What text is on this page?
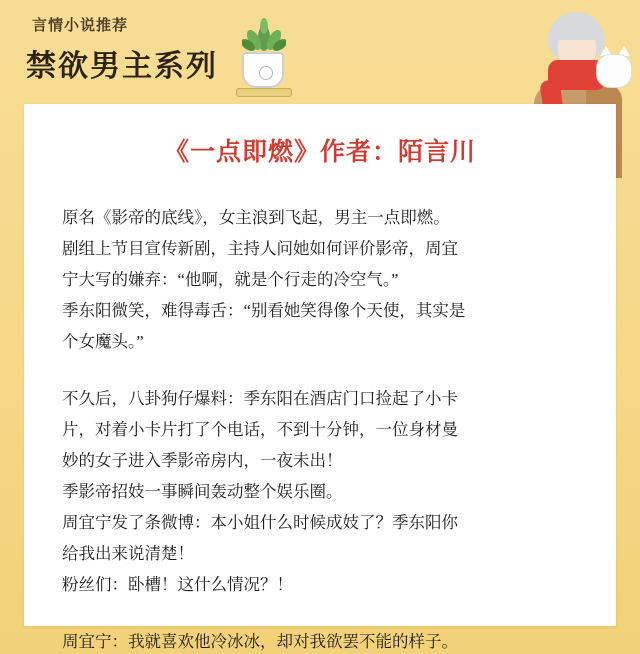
言情小说推荐
禁欲男主系列
《一点即燃》作者：陌言川

原名《影帝的底线》，女主浪到飞起，男主一点即燃。
剧组上节目宣传新剧，主持人问她如何评价影帝，周宜
宁大写的嫌弃：“他啊，就是个行走的冷空气。”
季东阳微笑，难得毒舌：“别看她笑得像个天使，其实是
个女魔头。”

不久后，八卦狗仔爆料：季东阳在酒店门口捡起了小卡
片，对着小卡片打了个电话，不到十分钟，一位身材曼
妙的女子进入季影帝房内，一夜未出！
季影帝招妓一事瞬间轰动整个娱乐圈。
周宜宁发了条微博：本小姐什么时候成妓了？季东阳你
给我出来说清楚！
粉丝们：卧槽！这什么情况？！

周宜宁：我就喜欢他冷冰冰，却对我欲罢不能的样子。
